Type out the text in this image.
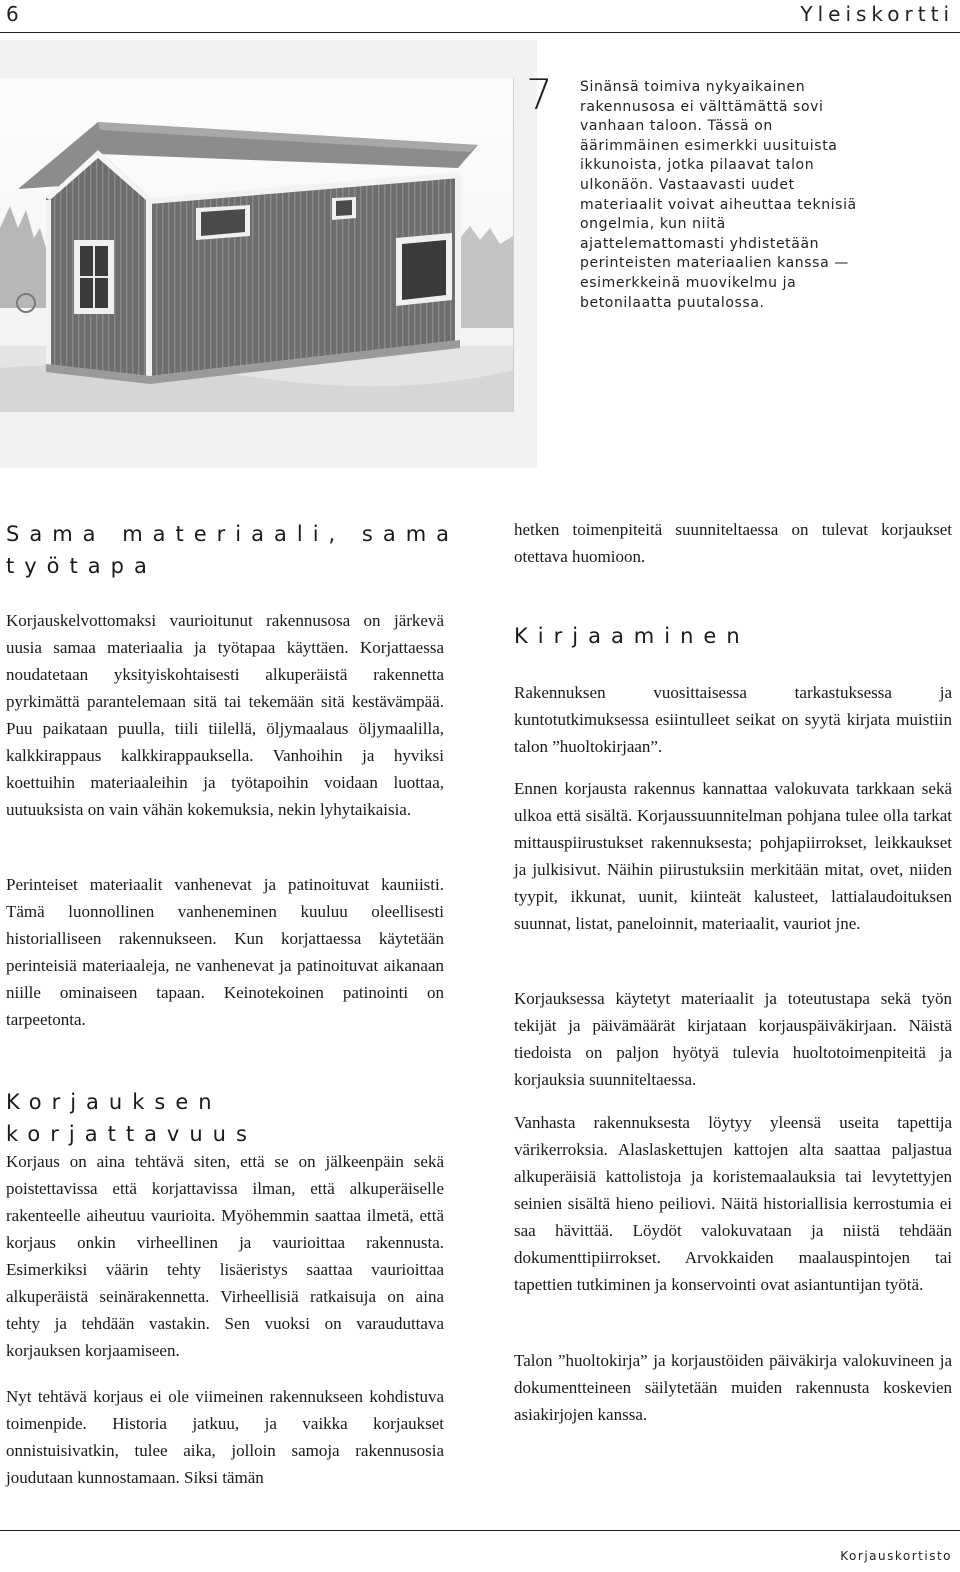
6	Yleiskortti
7 Sinänsä toimiva nykyaikainen rakennusosa ei välttämättä sovi vanhaan taloon. Tässä on äärimmäinen esimerkki uusituista ikkunoista, jotka pilaavat talon ulkonäön. Vastaavasti uudet materiaalit voivat aiheuttaa teknisiä ongelmia, kun niitä ajattelemattomasti yhdistetään perinteisten materiaalien kanssa — esimerkkeinä muovikelmu ja betonilaatta puutalossa.

Sama materiaali, sama työtapa

Korjauskelvottomaksi vaurioitunut rakennusosa on järkevä uusia samaa materiaalia ja työtapaa käyttäen. Korjattaessa noudatetaan yksityiskohtaisesti alkuperäistä rakennetta pyrkimättä parantelemaan sitä tai tekemään sitä kestävämpää. Puu paikataan puulla, tiili tiilellä, öljymaalaus öljymaalilla, kalkkirappaus kalkkirappauksella. Vanhoihin ja hyviksi koettuihin materiaaleihin ja työtapoihin voidaan luottaa, uutuuksista on vain vähän kokemuksia, nekin lyhytaikaisia.

Perinteiset materiaalit vanhenevat ja patinoituvat kauniisti. Tämä luonnollinen vanheneminen kuuluu oleellisesti historialliseen rakennukseen. Kun korjattaessa käytetään perinteisiä materiaaleja, ne vanhenevat ja patinoituvat aikanaan niille ominaiseen tapaan. Keinotekoinen patinointi on tarpeetonta.

Korjauksen korjattavuus

Korjaus on aina tehtävä siten, että se on jälkeenpäin sekä poistettavissa että korjattavissa ilman, että alkuperäiselle rakenteelle aiheutuu vaurioita. Myöhemmin saattaa ilmetä, että korjaus onkin virheellinen ja vaurioittaa rakennusta. Esimerkiksi väärin tehty lisäeristys saattaa vaurioittaa alkuperäistä seinärakennetta. Virheellisiä ratkaisuja on aina tehty ja tehdään vastakin. Sen vuoksi on varauduttava korjauksen korjaamiseen.

Nyt tehtävä korjaus ei ole viimeinen rakennukseen kohdistuva toimenpide. Historia jatkuu, ja vaikka korjaukset onnistuisivatkin, tulee aika, jolloin samoja rakennusosia joudutaan kunnostamaan. Siksi tämän

hetken toimenpiteitä suunniteltaessa on tulevat korjaukset otettava huomioon.

Kirjaaminen

Rakennuksen vuosittaisessa tarkastuksessa ja kuntotutkimuksessa esiintulleet seikat on syytä kirjata muistiin talon ”huoltokirjaan”.

Ennen korjausta rakennus kannattaa valokuvata tarkkaan sekä ulkoa että sisältä. Korjaussuunnitelman pohjana tulee olla tarkat mittauspiirustukset rakennuksesta; pohjapiirrokset, leikkaukset ja julkisivut. Näihin piirustuksiin merkitään mitat, ovet, niiden tyypit, ikkunat, uunit, kiinteät kalusteet, lattialaudoituksen suunnat, listat, paneloinnit, materiaalit, vauriot jne.

Korjauksessa käytetyt materiaalit ja toteutustapa sekä työn tekijät ja päivämäärät kirjataan korjauspäiväkirjaan. Näistä tiedoista on paljon hyötyä tulevia huoltotoimenpiteitä ja korjauksia suunniteltaessa.

Vanhasta rakennuksesta löytyy yleensä useita tapettija värikerroksia. Alaslaskettujen kattojen alta saattaa paljastua alkuperäisiä kattolistoja ja koristemaalauksia tai levytettyjen seinien sisältä hieno peiliovi. Näitä historiallisia kerrostumia ei saa hävittää. Löydöt valokuvataan ja niistä tehdään dokumenttipiirrokset. Arvokkaiden maalauspintojen tai tapettien tutkiminen ja konservointi ovat asiantuntijan työtä.

Talon ”huoltokirja” ja korjaustöiden päiväkirja valokuvineen ja dokumentteineen säilytetään muiden rakennusta koskevien asiakirjojen kanssa.

Korjauskortisto
